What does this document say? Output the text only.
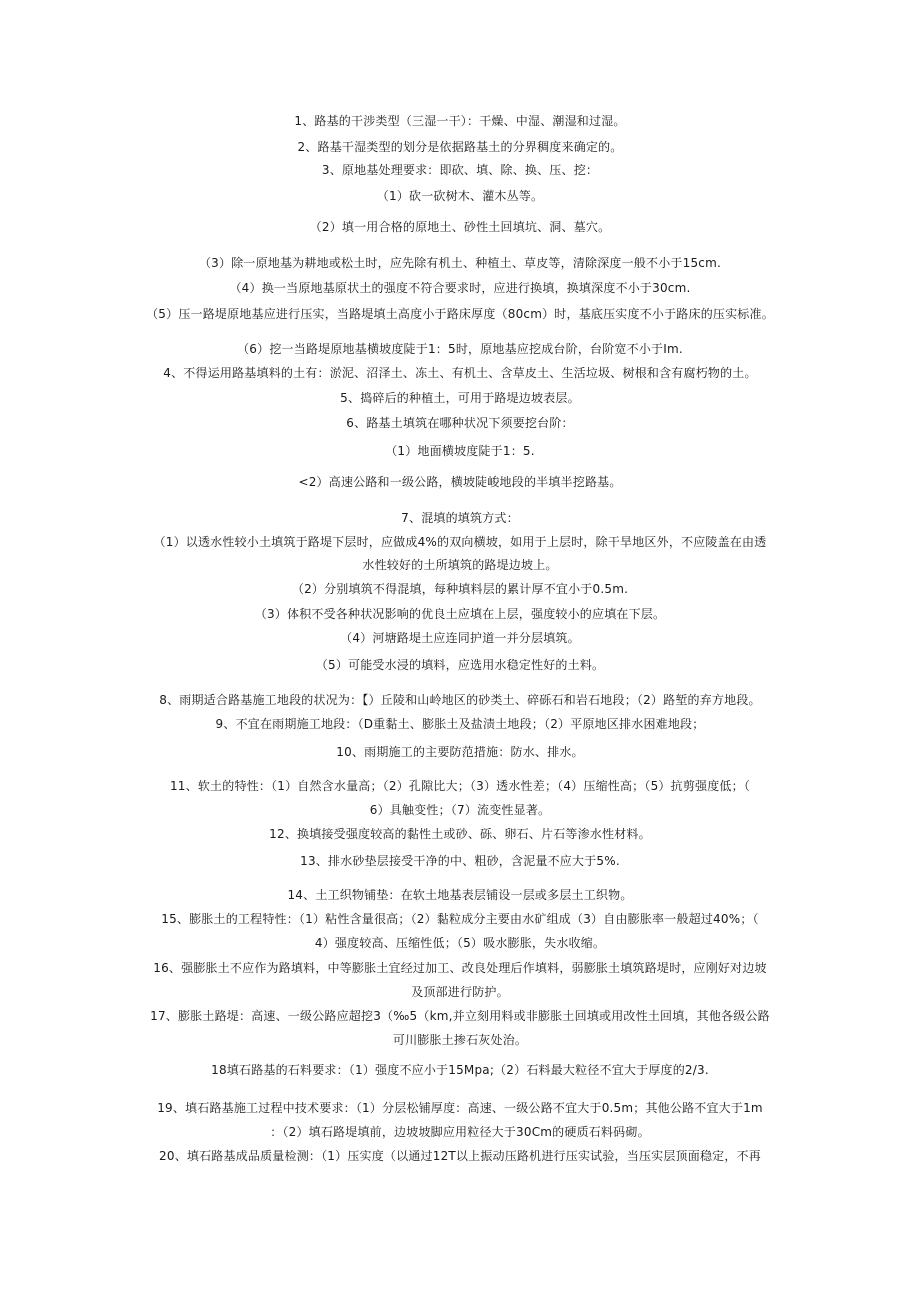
1、路基的干涉类型（三湿一干）：干燥、中湿、潮湿和过湿。
2、路基干湿类型的划分是依据路基土的分界稠度来确定的。
3、原地基处理要求：即砍、填、除、换、压、挖：
（1）砍一砍树木、灌木丛等。
（2）填一用合格的原地土、砂性土回填坑、洞、墓穴。
（3）除一原地基为耕地或松土时，应先除有机土、种植土、草皮等，清除深度一般不小于15cm.
（4）换一当原地基原状土的强度不符合要求时，应进行换填，换填深度不小于30cm.
（5）压一路堤原地基应进行压实，当路堤填土高度小于路床厚度（80cm）时，基底压实度不小于路床的压实标准。
（6）挖一当路堤原地基横坡度陡于1：5时，原地基应挖成台阶，台阶宽不小于Im.
4、不得运用路基填料的土有：淤泥、沼泽土、冻土、有机土、含草皮土、生活垃圾、树根和含有腐朽物的土。
5、捣碎后的种植土，可用于路堤边坡表层。
6、路基土填筑在哪种状况下须要挖台阶：
（1）地面横坡度陡于1：5.
<2）高速公路和一级公路，横坡陡峻地段的半填半挖路基。
7、混填的填筑方式：
（1）以透水性较小土填筑于路堤下层时，应做成4%的双向横坡，如用于上层时，除干旱地区外，不应陵盖在由透
水性较好的土所填筑的路堤边坡上。
（2）分别填筑不得混填，每种填料层的累计厚不宜小于0.5m.
（3）体积不受各种状况影响的优良土应填在上层，强度较小的应填在下层。
（4）河塘路堤土应连同护道一并分层填筑。
（5）可能受水浸的填料，应选用水稳定性好的土料。
8、雨期适合路基施工地段的状况为：【）丘陵和山岭地区的砂类土、碎砾石和岩石地段；（2）路堑的弃方地段。
9、不宜在雨期施工地段：（D重黏土、膨胀土及盐渍土地段；（2）平原地区排水困难地段；
10、雨期施工的主要防范措施：防水、排水。
11、软土的特性：（1）自然含水量高；（2）孔隙比大；（3）透水性差；（4）压缩性高；（5）抗剪强度低；（
6）具触变性；（7）流变性显著。
12、换填接受强度较高的黏性土或砂、砾、卵石、片石等渗水性材料。
13、排水砂垫层接受干净的中、粗砂，含泥量不应大于5%.
14、土工织物铺垫：在软土地基表层铺设一层或多层土工织物。
15、膨胀土的工程特性：（1）粘性含量很高；（2）黏粒成分主要由水矿组成（3）自由膨胀率一般超过40%；（
4）强度较高、压缩性低；（5）吸水膨胀，失水收缩。
16、强膨胀土不应作为路填料，中等膨胀土宜经过加工、改良处理后作填料，弱膨胀土填筑路堤时，应刚好对边坡
及顶部进行防护。
17、膨胀土路堤：高速、一级公路应超挖3（‰5（km,并立刻用料或非膨胀土回填或用改性土回填，其他各级公路
可川膨胀土掺石灰处治。
18填石路基的石料要求：（1）强度不应小于15Mpa;（2）石料最大粒径不宜大于厚度的2/3.
19、填石路基施工过程中技术要求：（1）分层松铺厚度：高速、一级公路不宜大于0.5m；其他公路不宜大于1m
：（2）填石路堤填前，边坡坡脚应用粒径大于30Cm的硬质石料码砌。
20、填石路基成品质量检测：（1）压实度（以通过12T以上振动压路机进行压实试验，当压实层顶面稳定，不再
